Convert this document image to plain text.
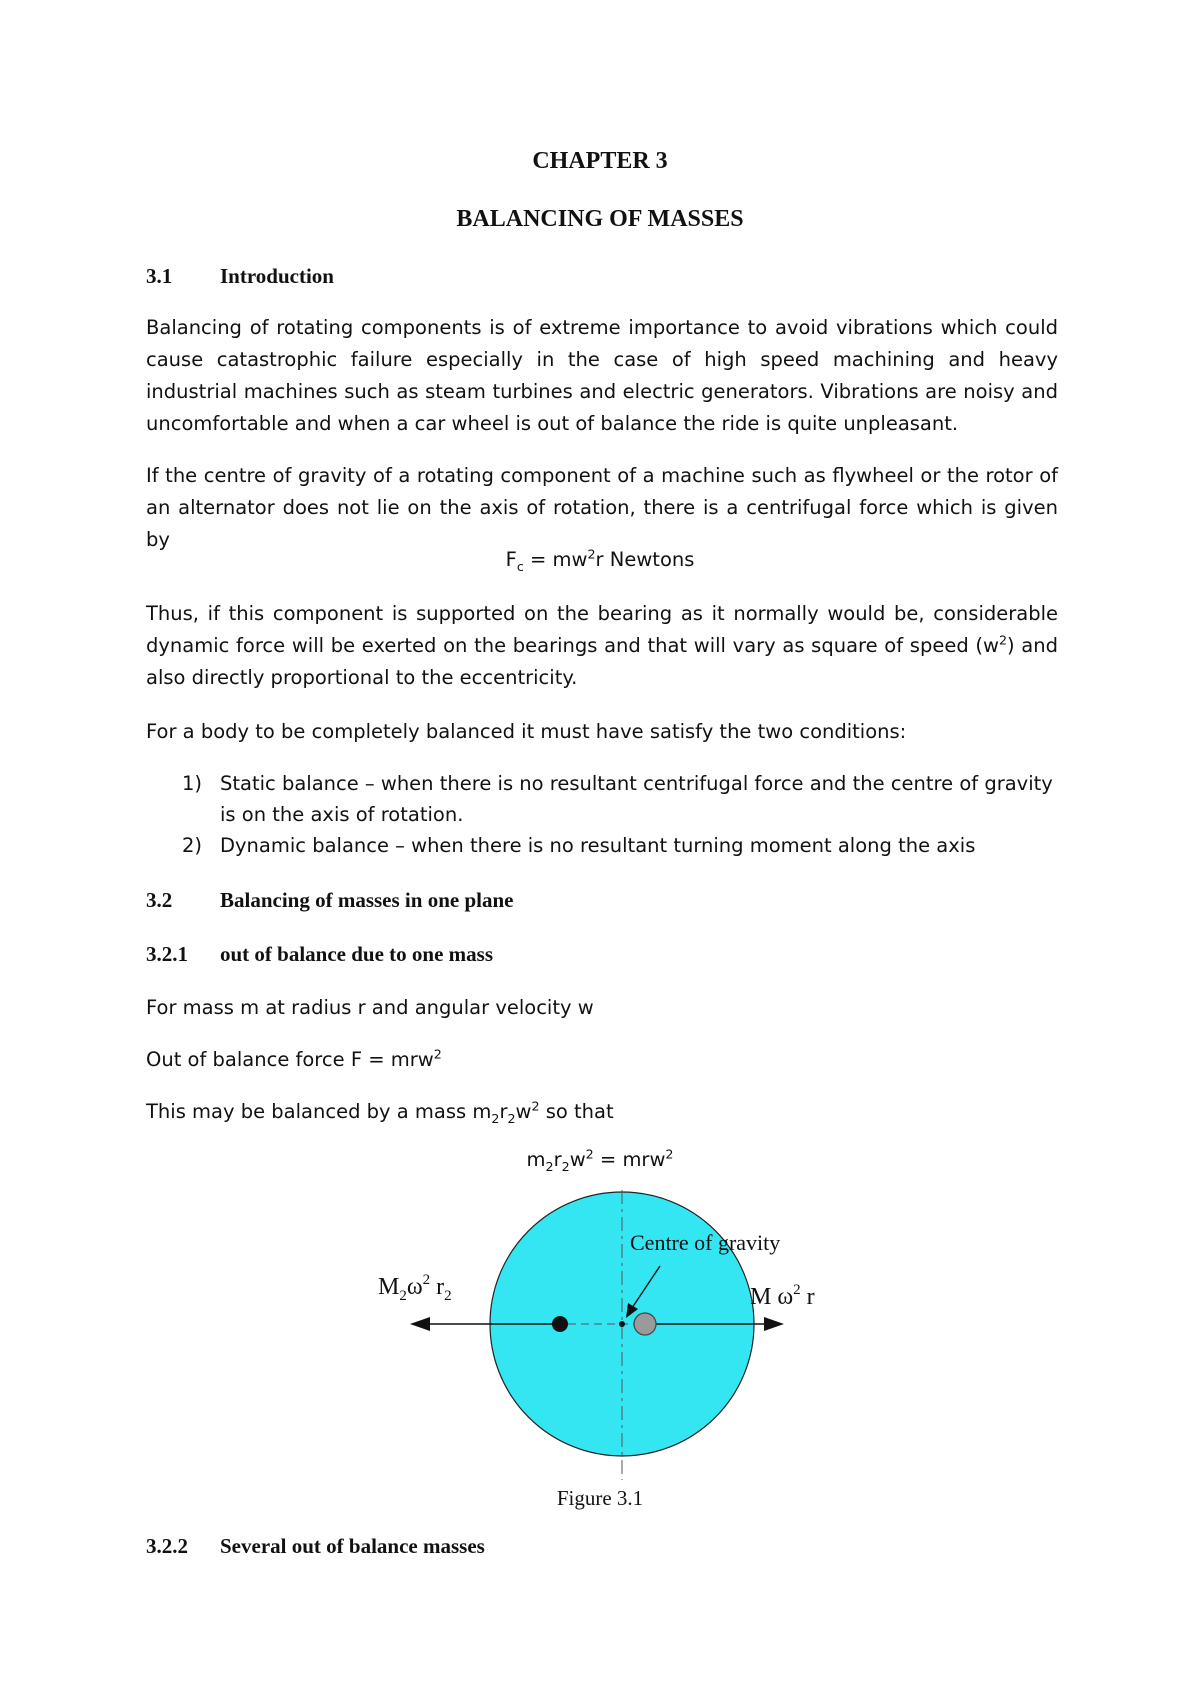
CHAPTER 3
BALANCING OF MASSES
3.1 Introduction

Balancing of rotating components is of extreme importance to avoid vibrations which could cause catastrophic failure especially in the case of high speed machining and heavy industrial machines such as steam turbines and electric generators. Vibrations are noisy and uncomfortable and when a car wheel is out of balance the ride is quite unpleasant.

If the centre of gravity of a rotating component of a machine such as flywheel or the rotor of an alternator does not lie on the axis of rotation, there is a centrifugal force which is given by

$F_c = mw^2r$ Newtons

Thus, if this component is supported on the bearing as it normally would be, considerable dynamic force will be exerted on the bearings and that will vary as square of speed $(w^2)$ and also directly proportional to the eccentricity.

For a body to be completely balanced it must have satisfy the two conditions:

1) Static balance – when there is no resultant centrifugal force and the centre of gravity is on the axis of rotation.
2) Dynamic balance – when there is no resultant turning moment along the axis
3.2 Balancing of masses in one plane
3.2.1 out of balance due to one mass

For mass m at radius r and angular velocity w

Out of balance force F = mrw$^2$

This may be balanced by a mass $m_2r_2w^2$ so that

$m_2r_2w^2 = mrw^2$

Centre of gravity
$M_2\omega^2$ $r_2$	M $\omega^2$ r

Figure 3.1

3.2.2 Several out of balance masses
